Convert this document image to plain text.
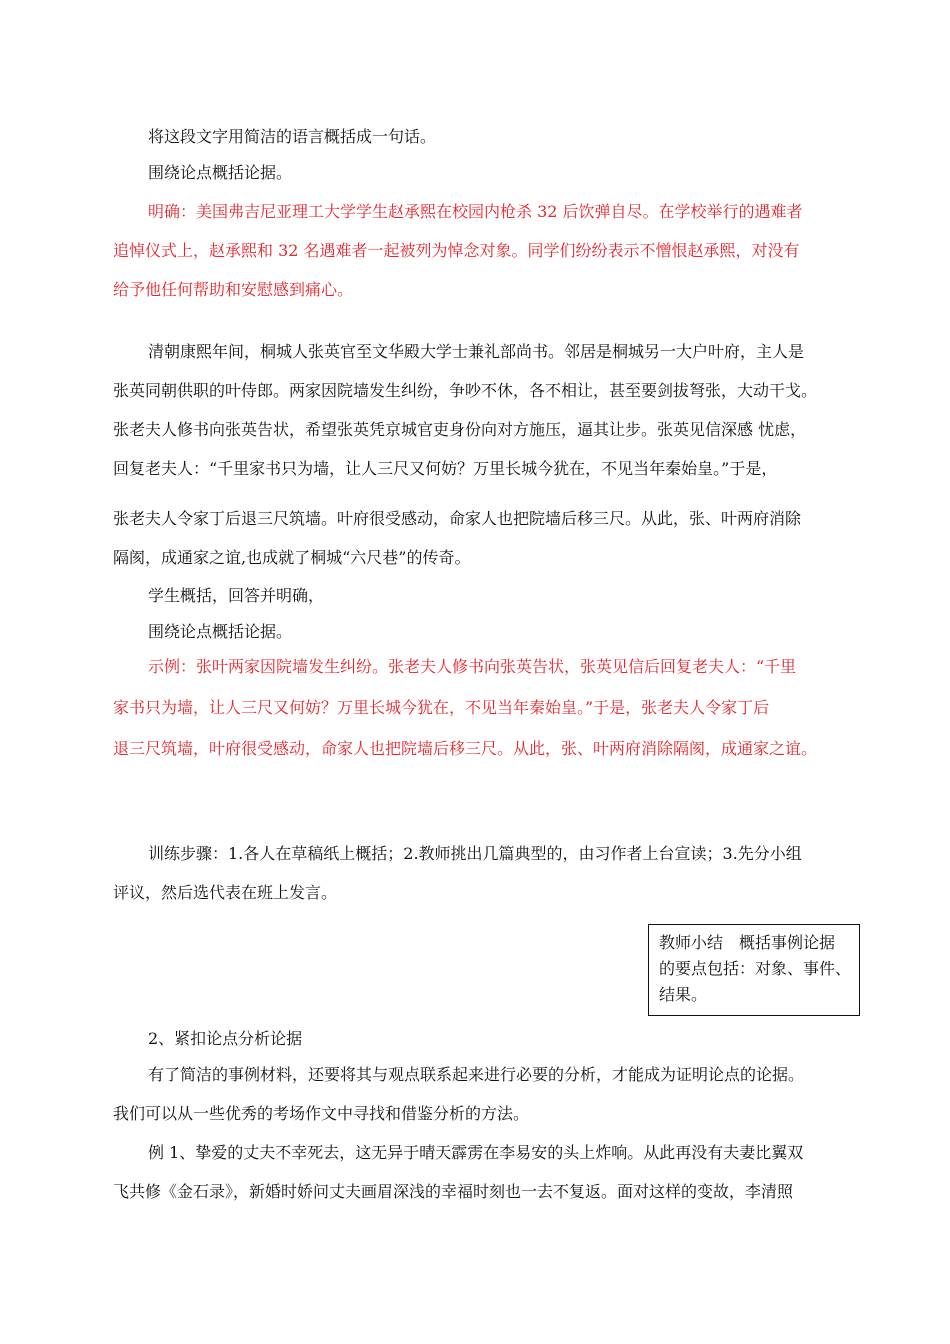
将这段文字用简洁的语言概括成一句话。
围绕论点概括论据。
明确：美国弗吉尼亚理工大学学生赵承熙在校园内枪杀 32 后饮弹自尽。在学校举行的遇难者
追悼仪式上，赵承熙和 32 名遇难者一起被列为悼念对象。同学们纷纷表示不憎恨赵承熙，对没有
给予他任何帮助和安慰感到痛心。
清朝康熙年间，桐城人张英官至文华殿大学士兼礼部尚书。邻居是桐城另一大户叶府，主人是
张英同朝供职的叶侍郎。两家因院墙发生纠纷，争吵不休，各不相让，甚至要剑拔弩张，大动干戈。
张老夫人修书向张英告状，希望张英凭京城官吏身份向对方施压，逼其让步。张英见信深感 忧虑，
回复老夫人：“千里家书只为墙，让人三尺又何妨？万里长城今犹在，不见当年秦始皇。”于是，
张老夫人令家丁后退三尺筑墙。叶府很受感动，命家人也把院墙后移三尺。从此，张、叶两府消除
隔阂，成通家之谊,也成就了桐城“六尺巷”的传奇。
学生概括，回答并明确，
围绕论点概括论据。
示例：张叶两家因院墙发生纠纷。张老夫人修书向张英告状，张英见信后回复老夫人：“千里
家书只为墙，让人三尺又何妨？万里长城今犹在，不见当年秦始皇。”于是，张老夫人令家丁后
退三尺筑墙，叶府很受感动，命家人也把院墙后移三尺。从此，张、叶两府消除隔阂，成通家之谊。
训练步骤：1.各人在草稿纸上概括；2.教师挑出几篇典型的，由习作者上台宣读；3.先分小组
评议，然后选代表在班上发言。
教师小结　概括事例论据
的要点包括：对象、事件、
结果。
2、紧扣论点分析论据
有了简洁的事例材料，还要将其与观点联系起来进行必要的分析，才能成为证明论点的论据。
我们可以从一些优秀的考场作文中寻找和借鉴分析的方法。
例 1、挚爱的丈夫不幸死去，这无异于晴天霹雳在李易安的头上炸响。从此再没有夫妻比翼双
飞共修《金石录》，新婚时娇问丈夫画眉深浅的幸福时刻也一去不复返。面对这样的变故，李清照
